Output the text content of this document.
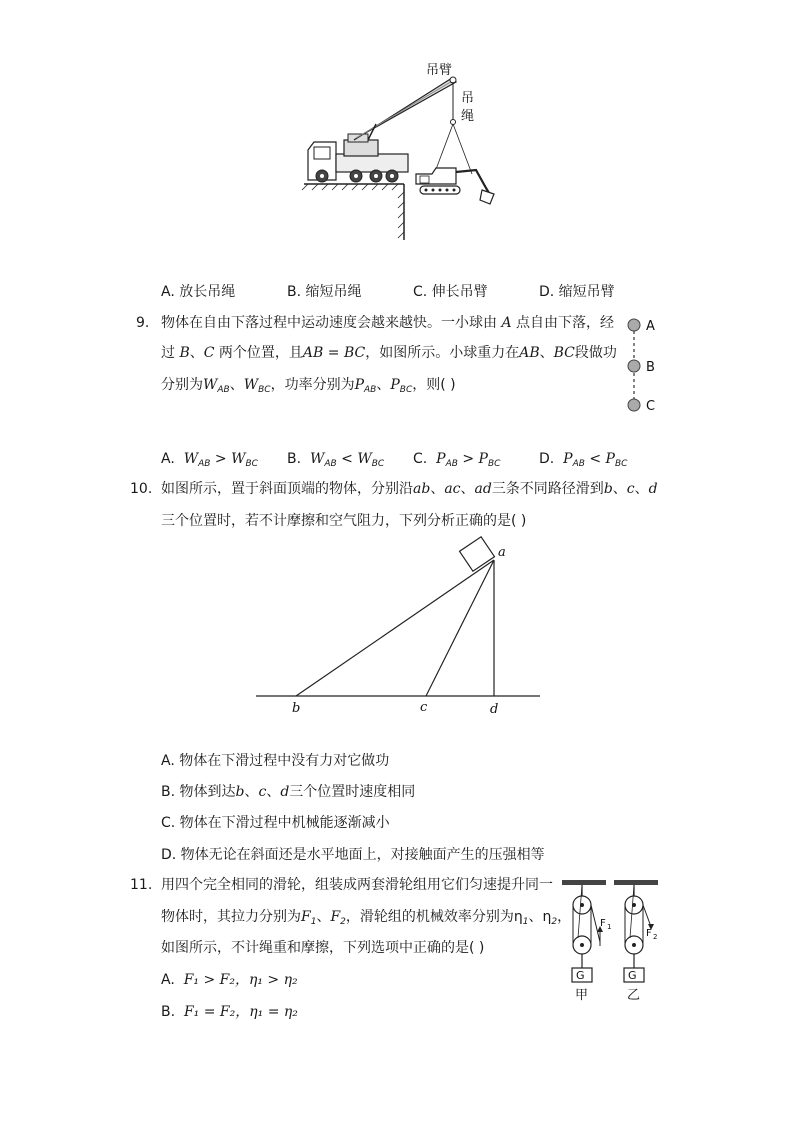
吊臂
吊
绳
A. 放长吊绳	B. 缩短吊绳	C. 伸长吊臂	D. 缩短吊臂
9. 物体在自由下落过程中运动速度会越来越快。一小球由 A 点自由下落，经
过 B、C 两个位置，且AB = BC，如图所示。小球重力在AB、BC段做功
分别为$W_{AB}$、$W_{BC}$，功率分别为$P_{AB}$、$P_{BC}$，则( )
A
B
C
A. $W_{AB} > W_{BC}$ B. $W_{AB} < W_{BC}$ C. $P_{AB} > P_{BC}$	D. $P_{AB} < P_{BC}$
10. 如图所示，置于斜面顶端的物体，分别沿ab、ac、ad三条不同路径滑到b、c、d
三个位置时，若不计摩擦和空气阻力，下列分析正确的是( )
a
b	c	d
A. 物体在下滑过程中没有力对它做功
B. 物体到达b、c、d三个位置时速度相同
C. 物体在下滑过程中机械能逐渐减小
D. 物体无论在斜面还是水平地面上，对接触面产生的压强相等
11. 用四个完全相同的滑轮，组装成两套滑轮组用它们匀速提升同一
物体时，其拉力分别为$F_1$、$F_2$，滑轮组的机械效率分别为$\eta_1$、$\eta_2$，
如图所示，不计绳重和摩擦，下列选项中正确的是( )
A. F₁ > F₂，η₁ > η₂
B. F₁ = F₂，η₁ = η₂
G
F 1
甲
G
F 2
乙
